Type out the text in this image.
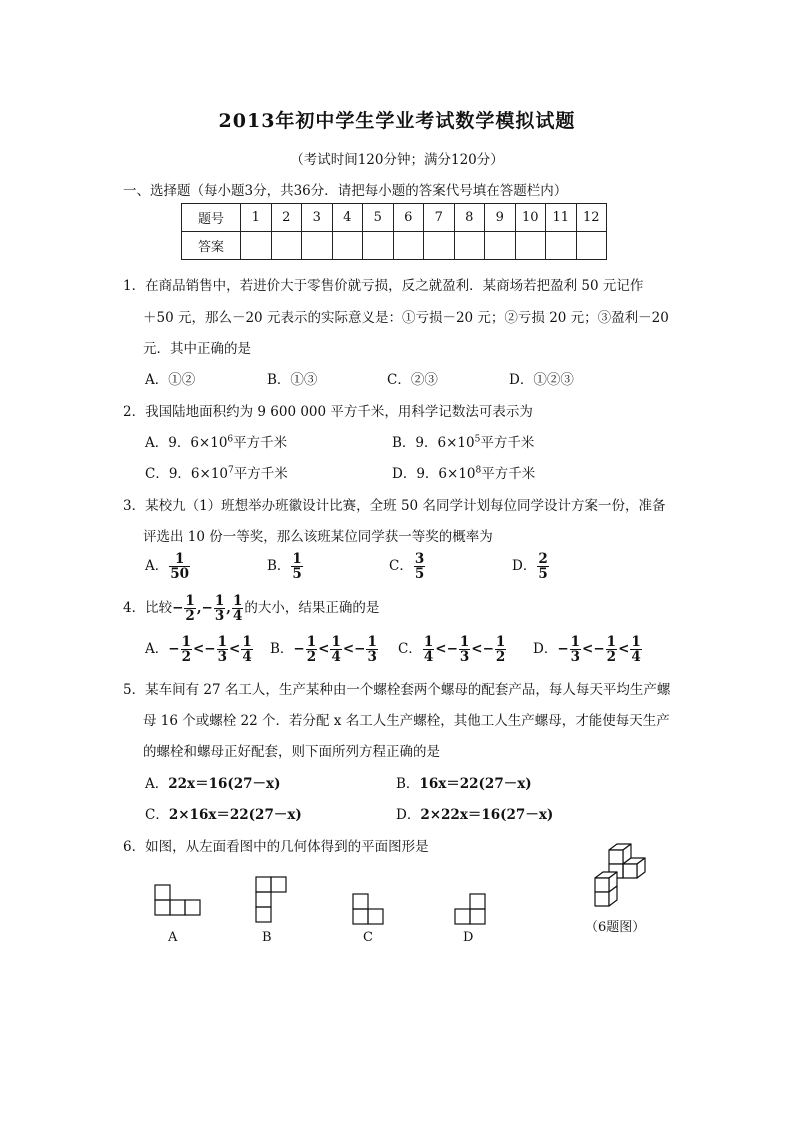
2013年初中学生学业考试数学模拟试题
（考试时间120分钟；满分120分）
一、选择题（每小题3分，共36分．请把每小题的答案代号填在答题栏内）
题号	1	2	3	4	5	6	7	8	9	10	11	12
答案												
1．在商品销售中，若进价大于零售价就亏损，反之就盈利．某商场若把盈利 50 元记作
＋50 元，那么－20 元表示的实际意义是：①亏损－20 元；②亏损 20 元；③盈利－20
元．其中正确的是
A．①②	B．①③	C．②③	D．①②③
2．我国陆地面积约为 9 600 000 平方千米，用科学记数法可表示为
A．9．$6\times 10^6$平方千米	B．9．$6\times 10^5$平方千米
C．9．$6\times 10^7$平方千米	D．9．$6\times 10^8$平方千米
3．某校九（1）班想举办班徽设计比赛，全班 50 名同学计划每位同学设计方案一份，准备
评选出 10 份一等奖，那么该班某位同学获一等奖的概率为
A． $\frac{1}{50}$	B． $\frac{1}{5}$	C． $\frac{3}{5}$	D． $\frac{2}{5}$
4．比较− $\frac{1}{2}$ ,− $\frac{1}{3}$ , $\frac{1}{4}$ 的大小，结果正确的是
A．− $\frac{1}{2} <- \frac{1}{3} < \frac{1}{4}$ B．− $\frac{1}{2} < \frac{1}{4} <- \frac{1}{3}$ C． $\frac{1}{4} <- \frac{1}{3} <- \frac{1}{2}$ D．− $\frac{1}{3} <- \frac{1}{2} < \frac{1}{4}$
5．某车间有 27 名工人，生产某种由一个螺栓套两个螺母的配套产品，每人每天平均生产螺
母 16 个或螺栓 22 个．若分配 x 名工人生产螺栓，其他工人生产螺母，才能使每天生产
的螺栓和螺母正好配套，则下面所列方程正确的是
A．22x＝16(27－x)	B．16x＝22(27－x)
C．2×16x＝22(27－x)	D．2×22x＝16(27－x)
6．如图，从左面看图中的几何体得到的平面图形是
A	B	C	D
（6题图）
